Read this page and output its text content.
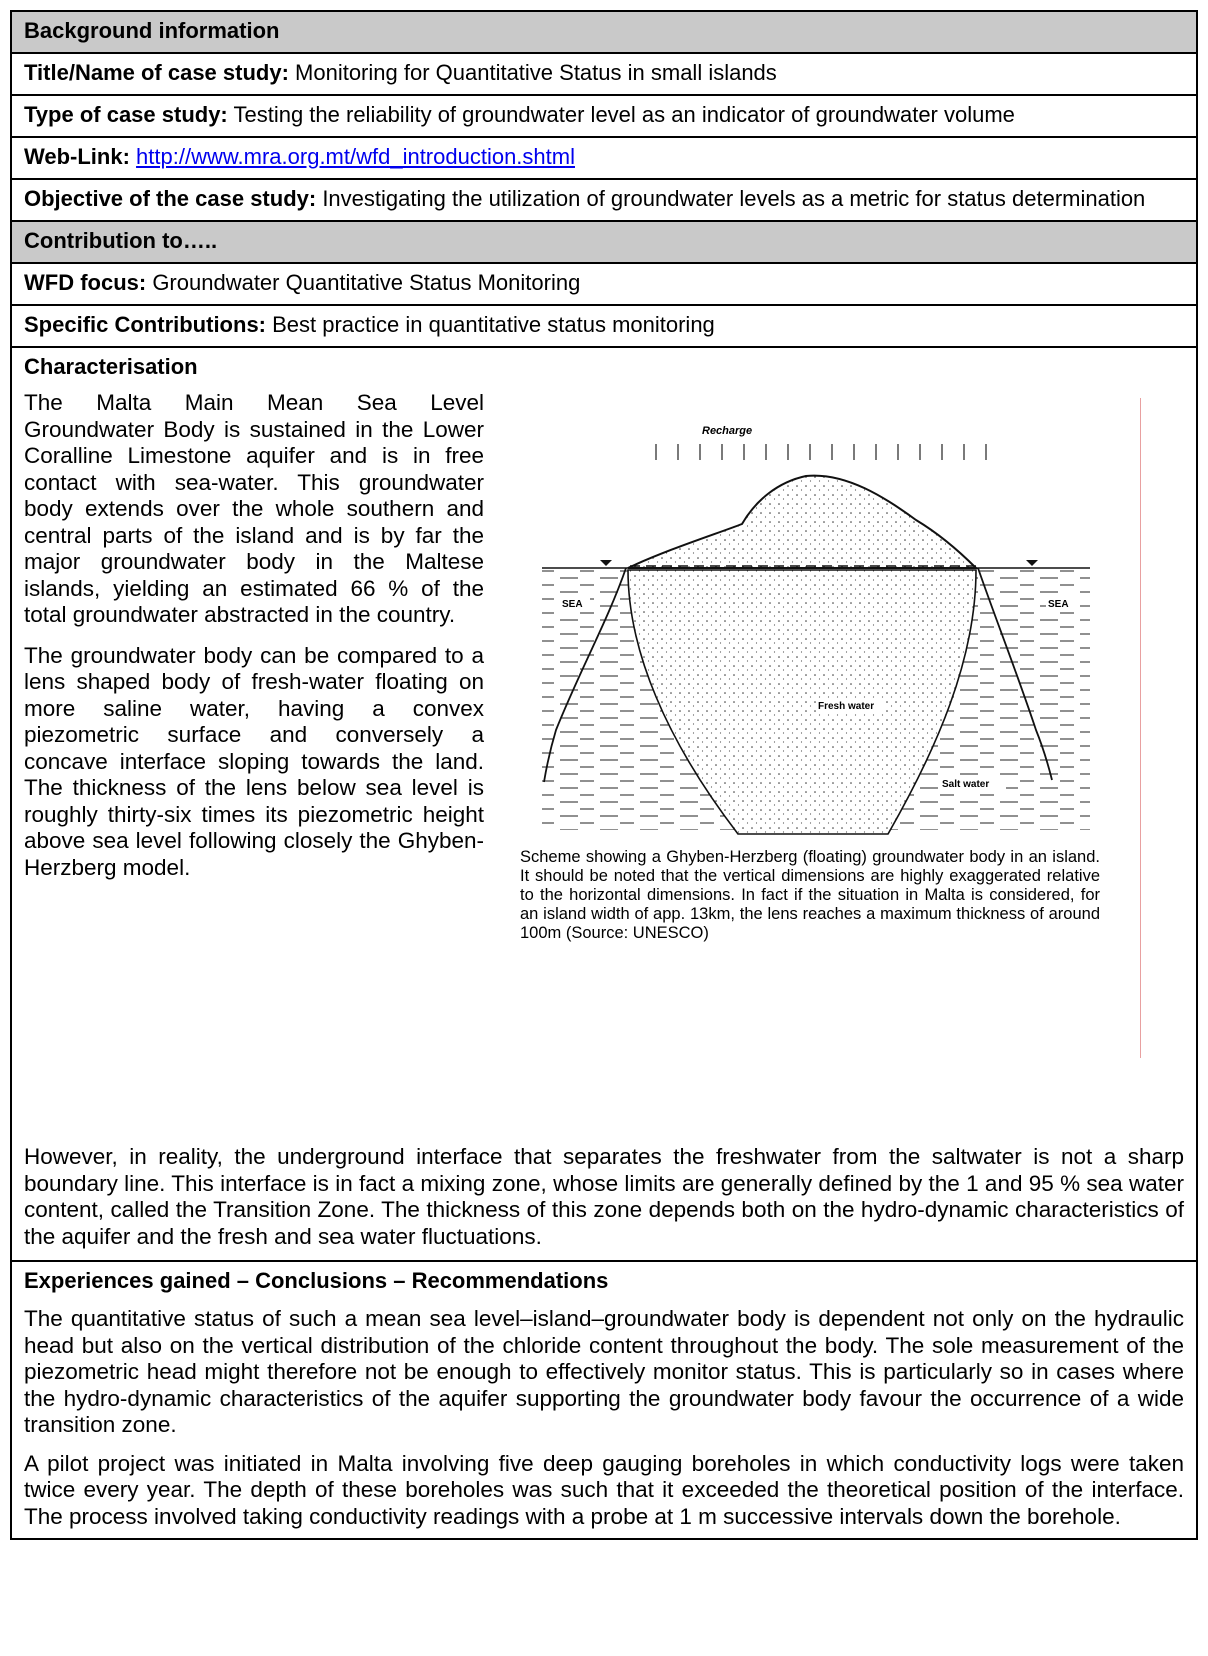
Background information
Title/Name of case study: Monitoring for Quantitative Status in small islands
Type of case study: Testing the reliability of groundwater level as an indicator of groundwater volume
Web-Link: http://www.mra.org.mt/wfd_introduction.shtml
Objective of the case study: Investigating the utilization of groundwater levels as a metric for status determination
Contribution to…..
WFD focus: Groundwater Quantitative Status Monitoring
Specific Contributions: Best practice in quantitative status monitoring
Characterisation

The Malta Main Mean Sea Level Groundwater Body is sustained in the Lower Coralline Limestone aquifer and is in free contact with sea-water. This groundwater body extends over the whole southern and central parts of the island and is by far the major groundwater body in the Maltese islands, yielding an estimated 66 % of the total groundwater abstracted in the country.

The groundwater body can be compared to a lens shaped body of fresh-water floating on more saline water, having a convex piezometric surface and conversely a concave interface sloping towards the land. The thickness of the lens below sea level is roughly thirty-six times its piezometric height above sea level following closely the Ghyben-Herzberg model.

Recharge
SEA	SEA
Fresh water
Salt water
Scheme showing a Ghyben-Herzberg (floating) groundwater body in an island. It should be noted that the vertical dimensions are highly exaggerated relative to the horizontal dimensions. In fact if the situation in Malta is considered, for an island width of app. 13km, the lens reaches a maximum thickness of around 100m (Source: UNESCO)

However, in reality, the underground interface that separates the freshwater from the saltwater is not a sharp boundary line. This interface is in fact a mixing zone, whose limits are generally defined by the 1 and 95 % sea water content, called the Transition Zone. The thickness of this zone depends both on the hydro-dynamic characteristics of the aquifer and the fresh and sea water fluctuations.

Experiences gained – Conclusions – Recommendations

The quantitative status of such a mean sea level–island–groundwater body is dependent not only on the hydraulic head but also on the vertical distribution of the chloride content throughout the body. The sole measurement of the piezometric head might therefore not be enough to effectively monitor status. This is particularly so in cases where the hydro-dynamic characteristics of the aquifer supporting the groundwater body favour the occurrence of a wide transition zone.

A pilot project was initiated in Malta involving five deep gauging boreholes in which conductivity logs were taken twice every year. The depth of these boreholes was such that it exceeded the theoretical position of the interface. The process involved taking conductivity readings with a probe at 1 m successive intervals down the borehole.
